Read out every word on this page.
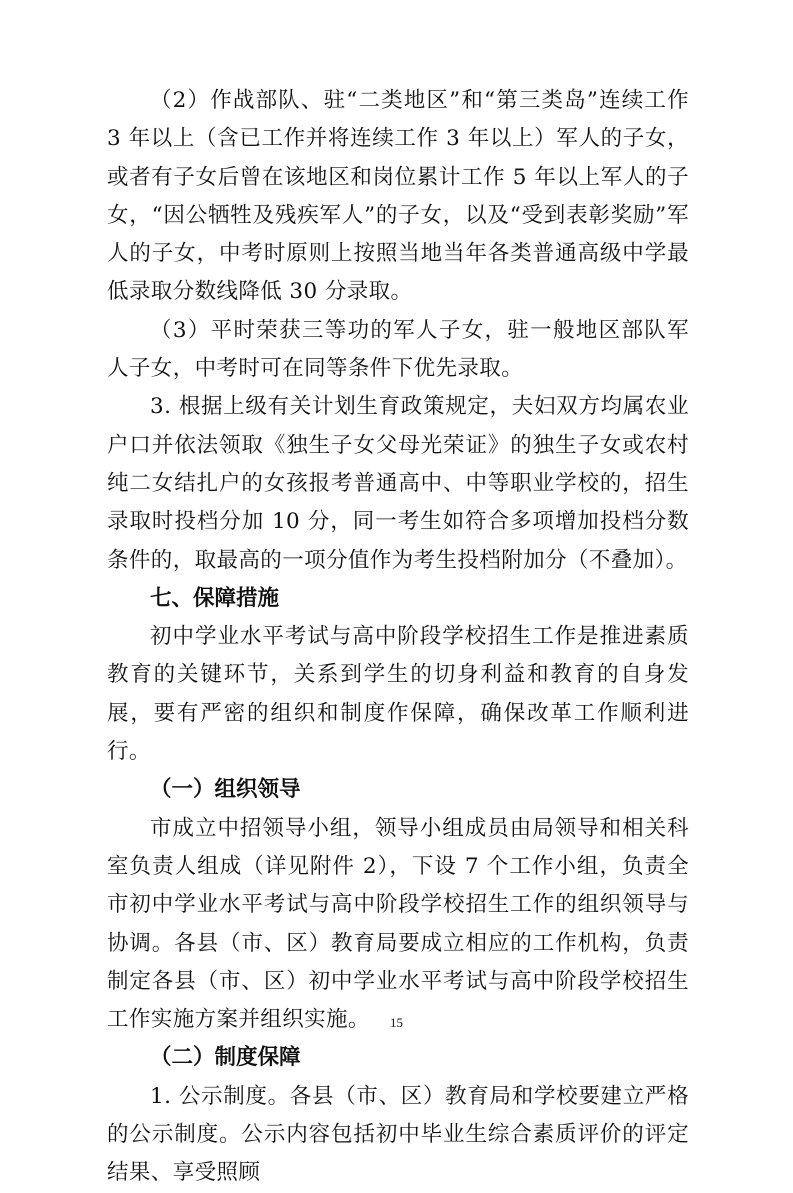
（2）作战部队、驻“二类地区”和“第三类岛”连续工作 3 年以上（含已工作并将连续工作 3 年以上）军人的子女，或者有子女后曾在该地区和岗位累计工作 5 年以上军人的子女，“因公牺牲及残疾军人”的子女，以及“受到表彰奖励”军人的子女，中考时原则上按照当地当年各类普通高级中学最低录取分数线降低 30 分录取。

（3）平时荣获三等功的军人子女，驻一般地区部队军人子女，中考时可在同等条件下优先录取。

3. 根据上级有关计划生育政策规定，夫妇双方均属农业户口并依法领取《独生子女父母光荣证》的独生子女或农村纯二女结扎户的女孩报考普通高中、中等职业学校的，招生录取时投档分加 10 分，同一考生如符合多项增加投档分数条件的，取最高的一项分值作为考生投档附加分（不叠加）。

七、保障措施

初中学业水平考试与高中阶段学校招生工作是推进素质教育的关键环节，关系到学生的切身利益和教育的自身发展，要有严密的组织和制度作保障，确保改革工作顺利进行。

（一）组织领导

市成立中招领导小组，领导小组成员由局领导和相关科室负责人组成（详见附件 2），下设 7 个工作小组，负责全市初中学业水平考试与高中阶段学校招生工作的组织领导与协调。各县（市、区）教育局要成立相应的工作机构，负责制定各县（市、区）初中学业水平考试与高中阶段学校招生工作实施方案并组织实施。

（二）制度保障

1. 公示制度。各县（市、区）教育局和学校要建立严格的公示制度。公示内容包括初中毕业生综合素质评价的评定结果、享受照顾

15
